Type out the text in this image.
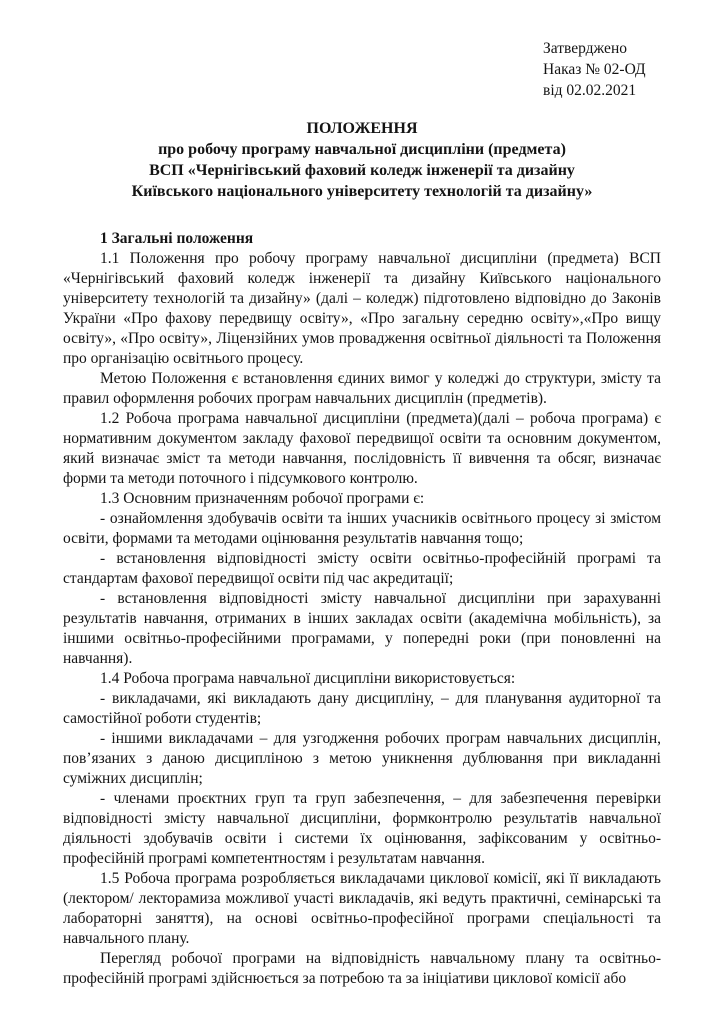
Затверджено
Наказ № 02-ОД
від 02.02.2021
ПОЛОЖЕННЯ
про робочу програму навчальної дисципліни (предмета)
ВСП «Чернігівський фаховий коледж інженерії та дизайну
Київського національного університету технологій та дизайну»
1 Загальні положення

1.1 Положення про робочу програму навчальної дисципліни (предмета) ВСП «Чернігівський фаховий коледж інженерії та дизайну Київського національного університету технологій та дизайну» (далі – коледж) підготовлено відповідно до Законів України «Про фахову передвищу освіту», «Про загальну середню освіту»,«Про вищу освіту», «Про освіту», Ліцензійних умов провадження освітньої діяльності та Положення про організацію освітнього процесу.

Метою Положення є встановлення єдиних вимог у коледжі до структури, змісту та правил оформлення робочих програм навчальних дисциплін (предметів).

1.2 Робоча програма навчальної дисципліни (предмета)(далі – робоча програма) є нормативним документом закладу фахової передвищої освіти та основним документом, який визначає зміст та методи навчання, послідовність її вивчення та обсяг, визначає форми та методи поточного і підсумкового контролю.

1.3 Основним призначенням робочої програми є:

- ознайомлення здобувачів освіти та інших учасників освітнього процесу зі змістом освіти, формами та методами оцінювання результатів навчання тощо;

- встановлення відповідності змісту освіти освітньо-професійній програмі та стандартам фахової передвищої освіти під час акредитації;

- встановлення відповідності змісту навчальної дисципліни при зарахуванні результатів навчання, отриманих в інших закладах освіти (академічна мобільність), за іншими освітньо-професійними програмами, у попередні роки (при поновленні на навчання).

1.4 Робоча програма навчальної дисципліни використовується:

- викладачами, які викладають дану дисципліну, – для планування аудиторної та самостійної роботи студентів;

- іншими викладачами – для узгодження робочих програм навчальних дисциплін, пов’язаних з даною дисципліною з метою уникнення дублювання при викладанні суміжних дисциплін;

- членами проєктних груп та груп забезпечення, – для забезпечення перевірки відповідності змісту навчальної дисципліни, формконтролю результатів навчальної діяльності здобувачів освіти і системи їх оцінювання, зафіксованим у освітньо-професійній програмі компетентностям і результатам навчання.

1.5 Робоча програма розробляється викладачами циклової комісії, які її викладають (лектором/ лекторамиза можливої участі викладачів, які ведуть практичні, семінарські та лабораторні заняття), на основі освітньо-професійної програми спеціальності та навчального плану.

Перегляд робочої програми на відповідність навчальному плану та освітньо-професійній програмі здійснюється за потребою та за ініціативи циклової комісії або
